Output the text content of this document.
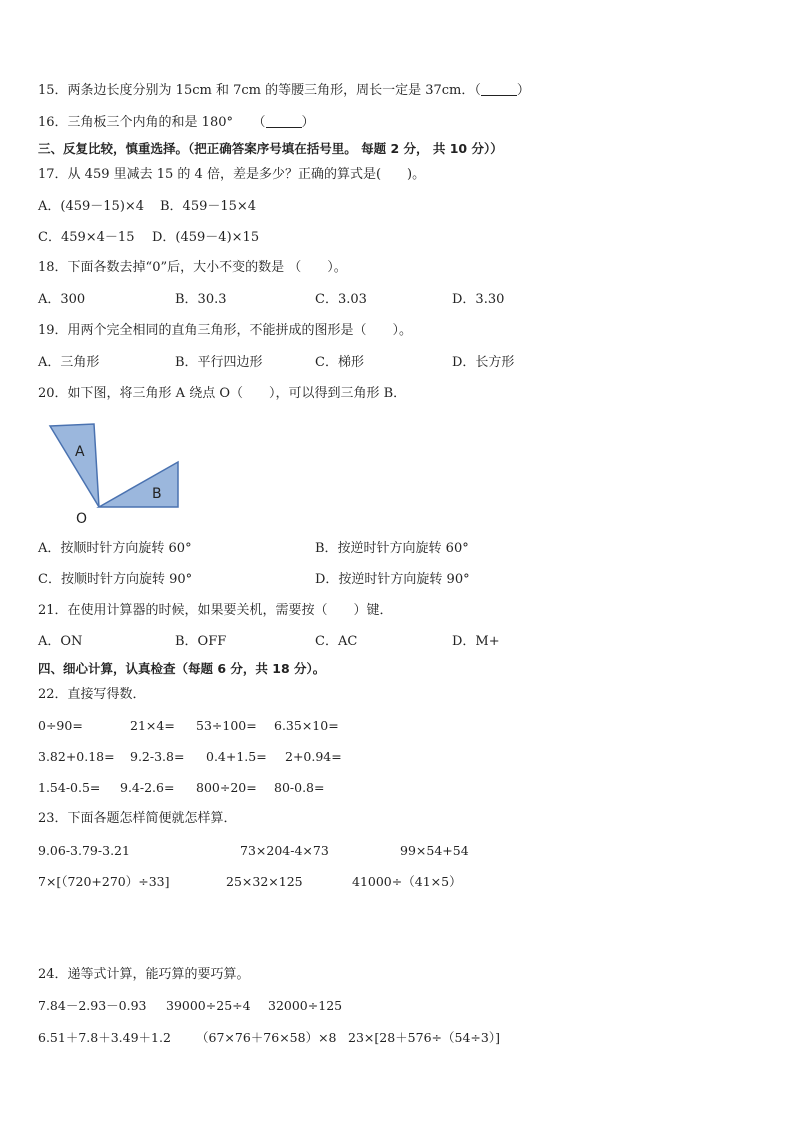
15．两条边长度分别为 15cm 和 7cm 的等腰三角形，周长一定是 37cm．（	）
16．三角板三个内角的和是 180°　　（	）
三、反复比较，慎重选择。（把正确答案序号填在括号里。 每题 2 分， 共 10 分））
17．从 459 里减去 15 的 4 倍，差是多少？正确的算式是(　　)。
A．(459－15)×4 B．459－15×4
C．459×4－15 D．(459－4)×15
18．下面各数去掉“0”后，大小不变的数是 （　　）。
A．300	B．30.3	C．3.03	D．3.30
19．用两个完全相同的直角三角形，不能拼成的图形是（　　）。
A．三角形	B．平行四边形	C．梯形	D．长方形
20．如下图，将三角形 A 绕点 O（　　），可以得到三角形 B．
A
B
O
A．按顺时针方向旋转 60°	B．按逆时针方向旋转 60°
C．按顺时针方向旋转 90°	D．按逆时针方向旋转 90°
21．在使用计算器的时候，如果要关机，需要按（　　）键．
A．ON	B．OFF	C．AC	D．M+
四、细心计算，认真检查（每题 6 分，共 18 分）。
22．直接写得数．
0÷90=	21×4= 53÷100= 6.35×10=
3.82+0.18= 9.2-3.8= 0.4+1.5= 2+0.94=
1.54-0.5= 9.4-2.6= 800÷20= 80-0.8=
23．下面各题怎样简便就怎样算．
9.06-3.79-3.21	73×204-4×73	99×54+54
7×[（720+270）÷33]	25×32×125	41000÷（41×5）
24．递等式计算，能巧算的要巧算。
7.84－2.93－0.93 39000÷25÷4 32000÷125
6.51＋7.8＋3.49＋1.2 （67×76＋76×58）×8 23×[28＋576÷（54÷3）]
